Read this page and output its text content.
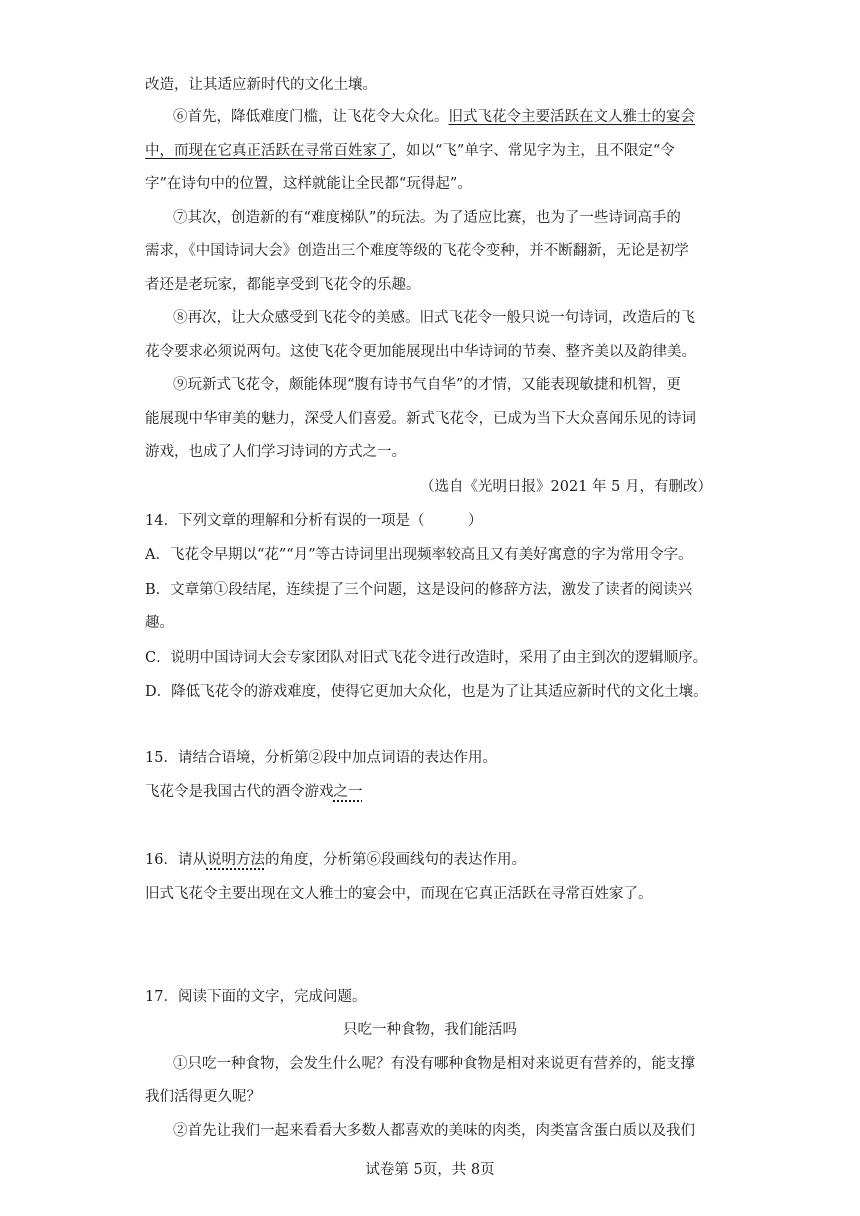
改造，让其适应新时代的文化土壤。
⑥首先，降低难度门槛，让飞花令大众化。旧式飞花令主要活跃在文人雅士的宴会
中，而现在它真正活跃在寻常百姓家了，如以“飞”单字、常见字为主，且不限定“令
字”在诗句中的位置，这样就能让全民都“玩得起”。
⑦其次，创造新的有“难度梯队”的玩法。为了适应比赛，也为了一些诗词高手的
需求，《中国诗词大会》创造出三个难度等级的飞花令变种，并不断翻新，无论是初学
者还是老玩家，都能享受到飞花令的乐趣。
⑧再次，让大众感受到飞花令的美感。旧式飞花令一般只说一句诗词，改造后的飞
花令要求必须说两句。这使飞花令更加能展现出中华诗词的节奏、整齐美以及韵律美。
⑨玩新式飞花令，颇能体现“腹有诗书气自华”的才情，又能表现敏捷和机智，更
能展现中华审美的魅力，深受人们喜爱。新式飞花令，已成为当下大众喜闻乐见的诗词
游戏，也成了人们学习诗词的方式之一。
（选自《光明日报》2021 年 5 月，有删改）
14．下列文章的理解和分析有误的一项是（　　　）
A．飞花令早期以“花”“月”等古诗词里出现频率较高且又有美好寓意的字为常用令字。
B．文章第①段结尾，连续提了三个问题，这是设问的修辞方法，激发了读者的阅读兴
趣。
C．说明中国诗词大会专家团队对旧式飞花令进行改造时，采用了由主到次的逻辑顺序。
D．降低飞花令的游戏难度，使得它更加大众化，也是为了让其适应新时代的文化土壤。
15．请结合语境，分析第②段中加点词语的表达作用。
飞花令是我国古代的酒令游戏之一
16．请从说明方法的角度，分析第⑥段画线句的表达作用。
旧式飞花令主要出现在文人雅士的宴会中，而现在它真正活跃在寻常百姓家了。
17．阅读下面的文字，完成问题。
只吃一种食物，我们能活吗
①只吃一种食物，会发生什么呢？有没有哪种食物是相对来说更有营养的，能支撑
我们活得更久呢？
②首先让我们一起来看看大多数人都喜欢的美味的肉类，肉类富含蛋白质以及我们
试卷第 5页，共 8页
